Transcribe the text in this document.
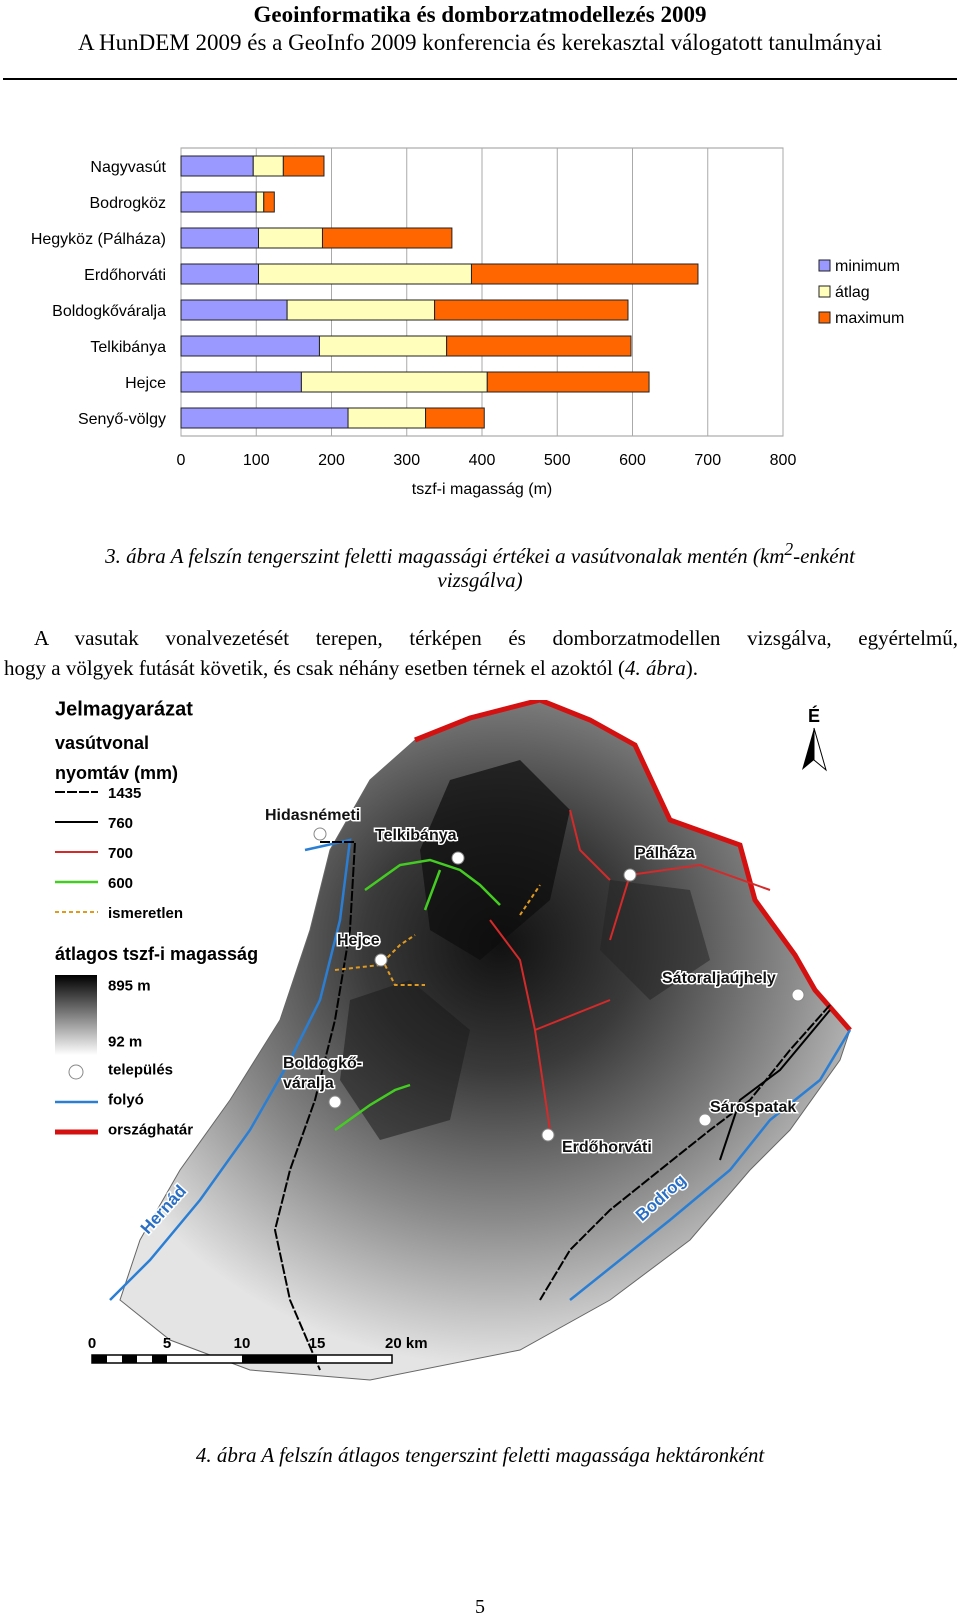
Geoinformatika és domborzatmodellezés 2009
A HunDEM 2009 és a GeoInfo 2009 konferencia és kerekasztal válogatott tanulmányai
0	100	200	300	400	500	600	700	800
Nagyvasút
Bodrogköz
Hegyköz (Pálháza)
Erdőhorváti
Boldogkőváralja
Telkibánya
Hejce
Senyő-völgy
tszf-i magasság (m)
minimum
átlag
maximum
3. ábra A felszín tengerszint feletti magassági értékei a vasútvonalak mentén ($km^2$-enként
vizsgálva)
A vasutak vonalvezetését terepen, térképen és domborzatmodellen vizsgálva, egyértelmű,
hogy a völgyek futását követik, és csak néhány esetben térnek el azoktól (4. ábra).
Hidasnémeti
Telkibánya
Pálháza
Hejce
Sátoraljaújhely
Boldogkő-
váralja
Sárospatak
Erdőhorváti
Hernád	Bodrog
É
Jelmagyarázat
vasútvonal
nyomtáv (mm)
1435
760
700
600
ismeretlen
átlagos tszf-i magasság
895 m
92 m
település
folyó
országhatár
0	5	10	15	20 km
4. ábra A felszín átlagos tengerszint feletti magassága hektáronként
5
